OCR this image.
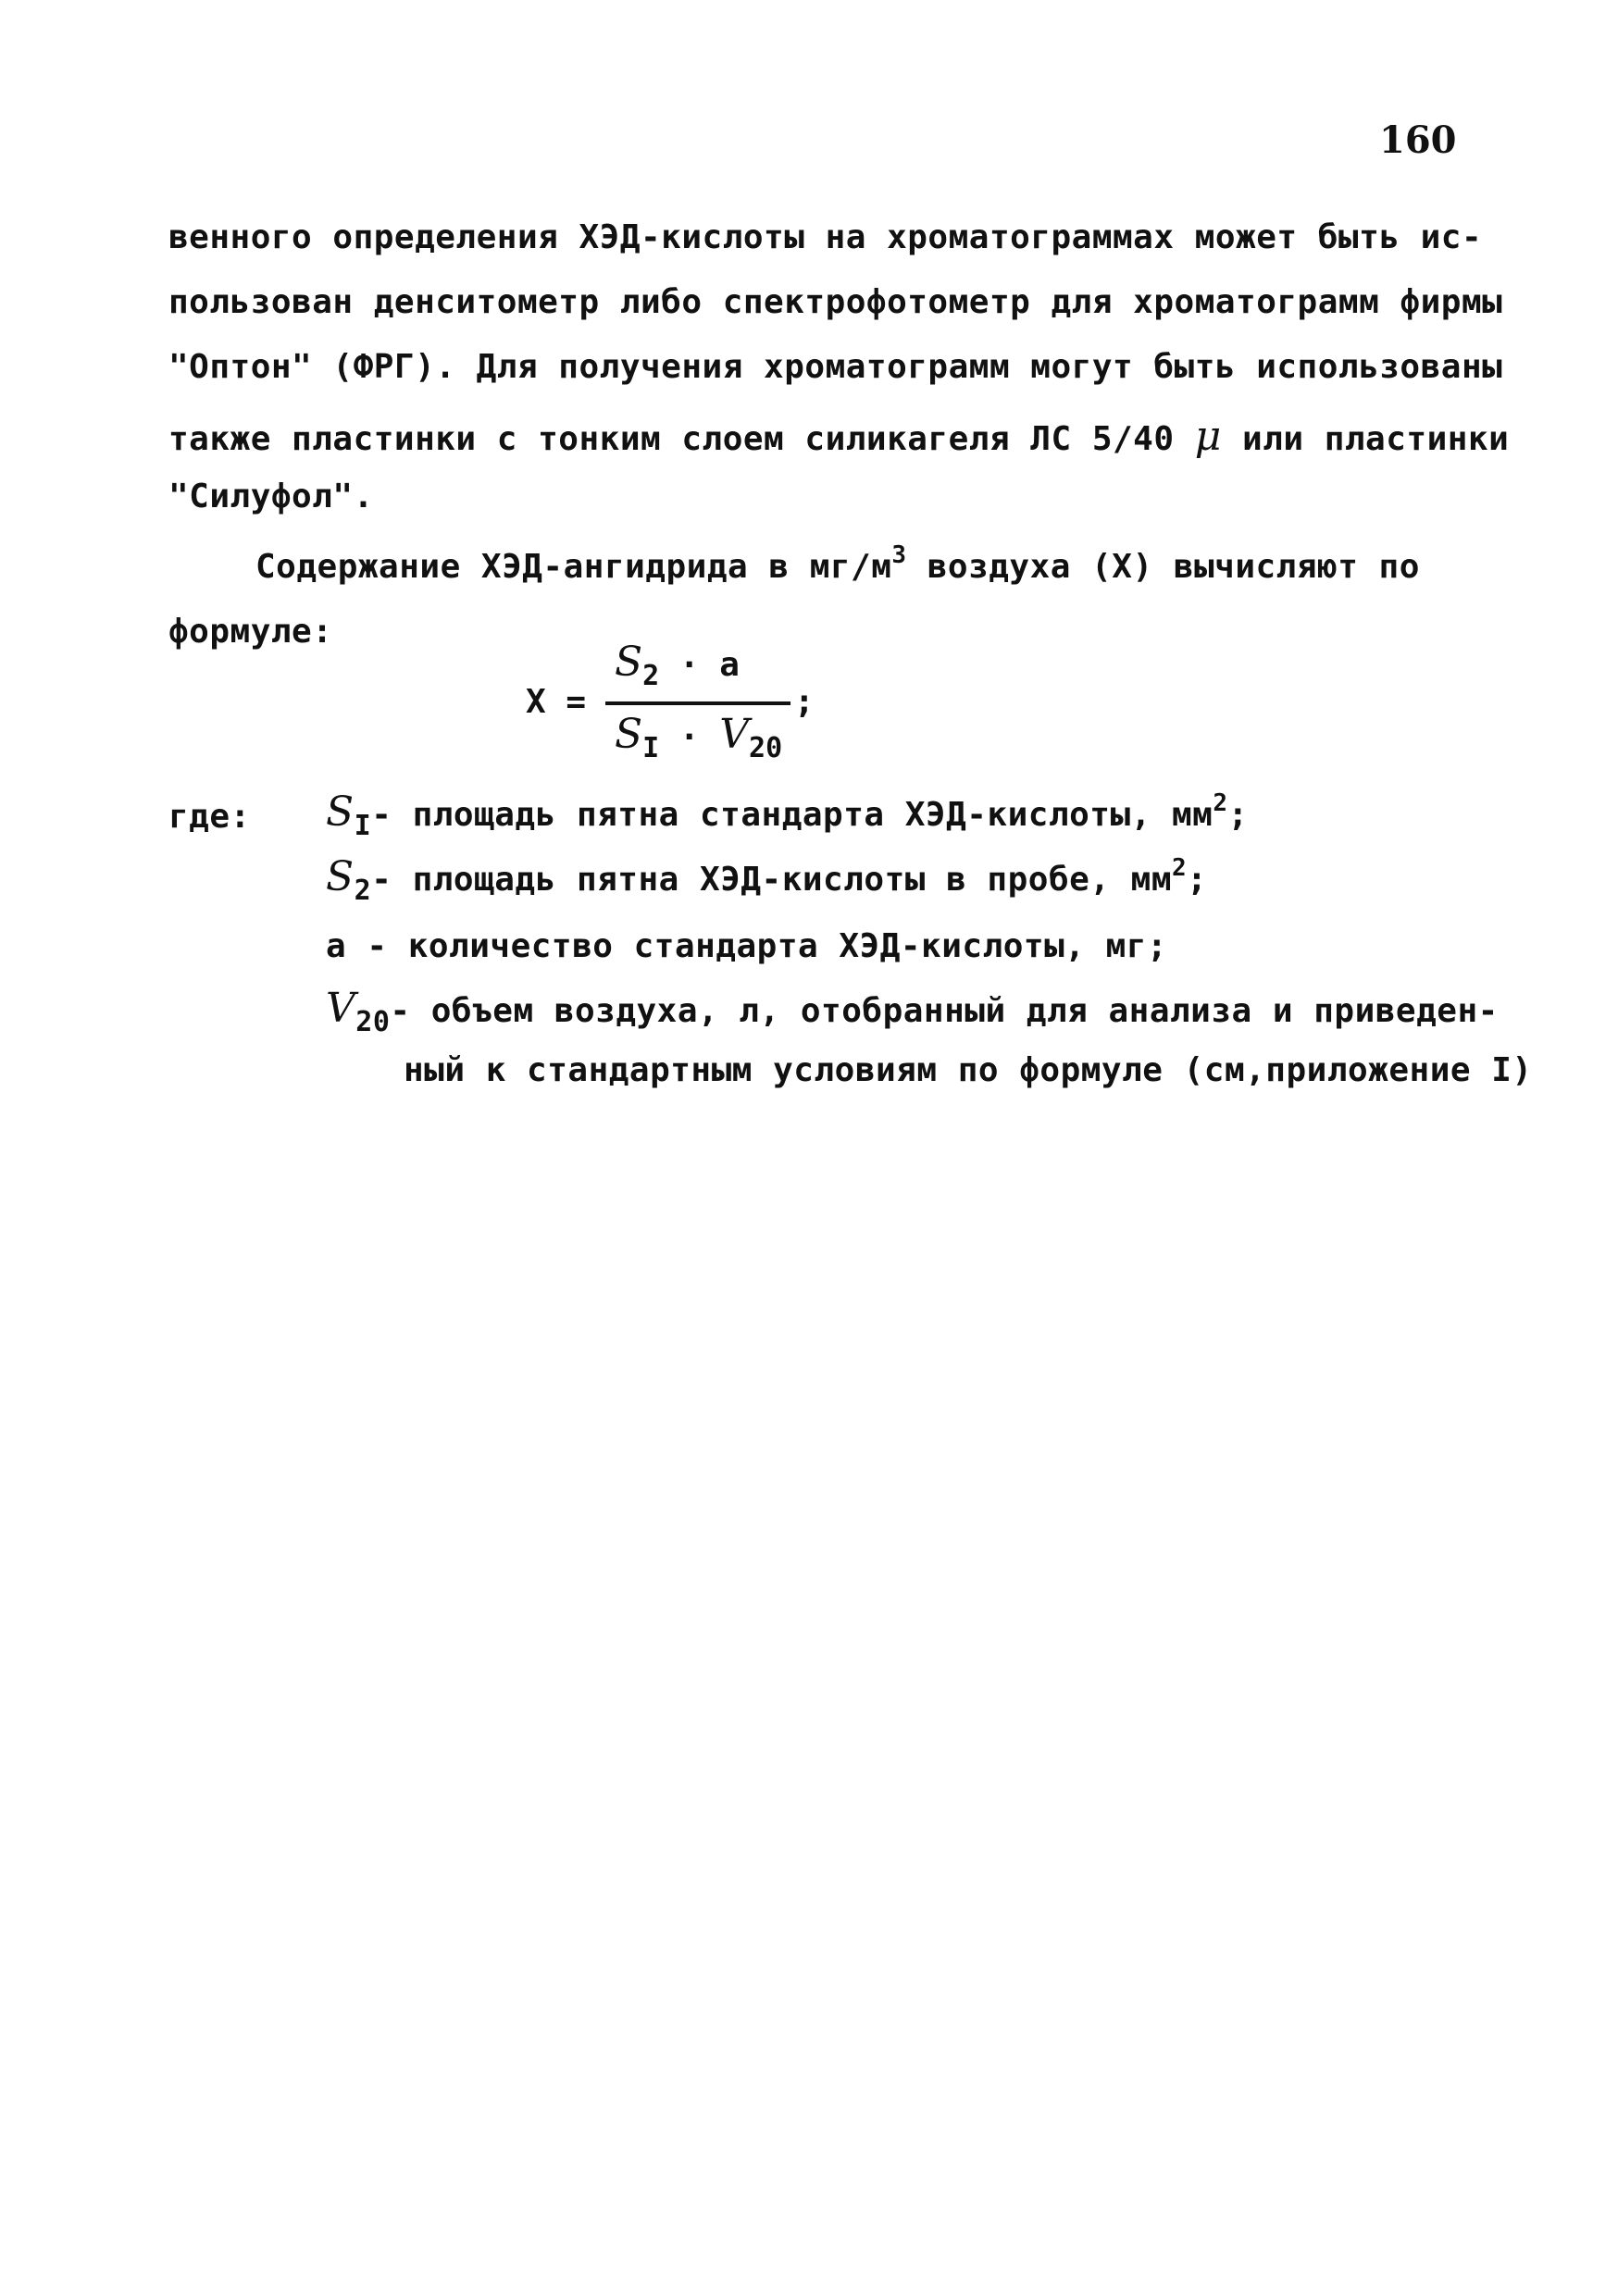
160
венного определения ХЭД-кислоты на хроматограммах может быть ис-
пользован денситометр либо спектрофотометр для хроматограмм фирмы
"Оптон" (ФРГ). Для получения хроматограмм могут быть использованы
также пластинки с тонким слоем силикагеля ЛС 5/40 μ или пластинки
"Силуфол".
Содержание ХЭД-ангидрида в $мг/м^3$ воздуха (X) вычисляют по
формуле:
X =
$S_2 \cdot a$
$S_I \cdot V_{20}$
;
где: $S_I-$ площадь пятна стандарта ХЭД-кислоты, $мм^2$;
$S_2-$ площадь пятна ХЭД-кислоты в пробе, $мм^2$;
a - количество стандарта ХЭД-кислоты, мг;
$V_{20}-$ объем воздуха, л, отобранный для анализа и приведен-
ный к стандартным условиям по формуле (см,приложение I)
